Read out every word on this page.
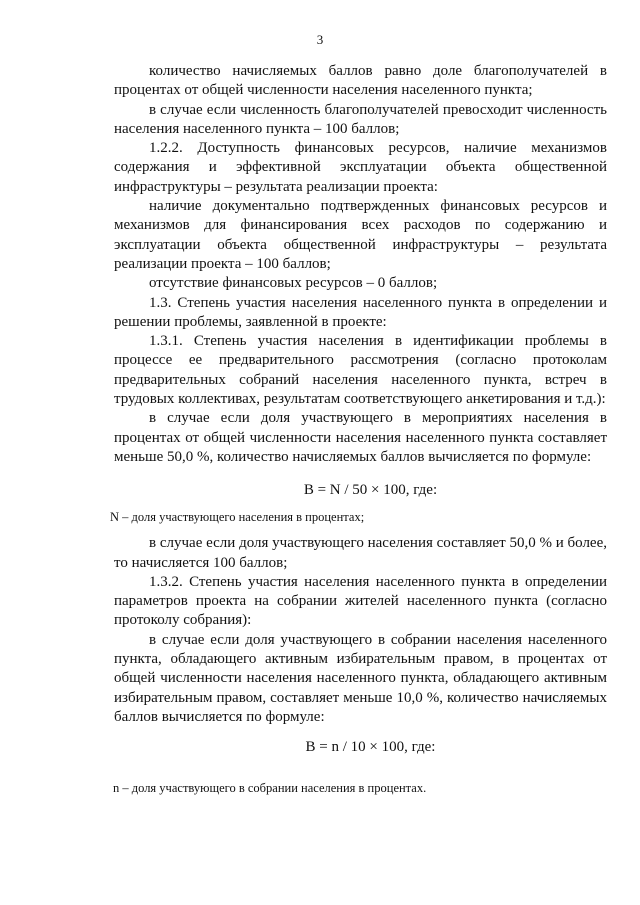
3

количество начисляемых баллов равно доле благополучателей в процентах от общей численности населения населенного пункта;

в случае если численность благополучателей превосходит численность населения населенного пункта – 100 баллов;

1.2.2. Доступность финансовых ресурсов, наличие механизмов содержания и эффективной эксплуатации объекта общественной инфраструктуры – результата реализации проекта:

наличие документально подтвержденных финансовых ресурсов и механизмов для финансирования всех расходов по содержанию и эксплуатации объекта общественной инфраструктуры – результата реализации проекта – 100 баллов;

отсутствие финансовых ресурсов – 0 баллов;

1.3. Степень участия населения населенного пункта в определении и решении проблемы, заявленной в проекте:

1.3.1. Степень участия населения в идентификации проблемы в процессе ее предварительного рассмотрения (согласно протоколам предварительных собраний населения населенного пункта, встреч в трудовых коллективах, результатам соответствующего анкетирования и т.д.):

в случае если доля участвующего в мероприятиях населения в процентах от общей численности населения населенного пункта составляет меньше 50,0 %, количество начисляемых баллов вычисляется по формуле:

B = N / 50 × 100, где:

N – доля участвующего населения в процентах;

в случае если доля участвующего населения составляет 50,0 % и более, то начисляется 100 баллов;

1.3.2. Степень участия населения населенного пункта в определении параметров проекта на собрании жителей населенного пункта (согласно протоколу собрания):

в случае если доля участвующего в собрании населения населенного пункта, обладающего активным избирательным правом, в процентах от общей численности населения населенного пункта, обладающего активным избирательным правом, составляет меньше 10,0 %, количество начисляемых баллов вычисляется по формуле:

B = n / 10 × 100, где:

n – доля участвующего в собрании населения в процентах.
